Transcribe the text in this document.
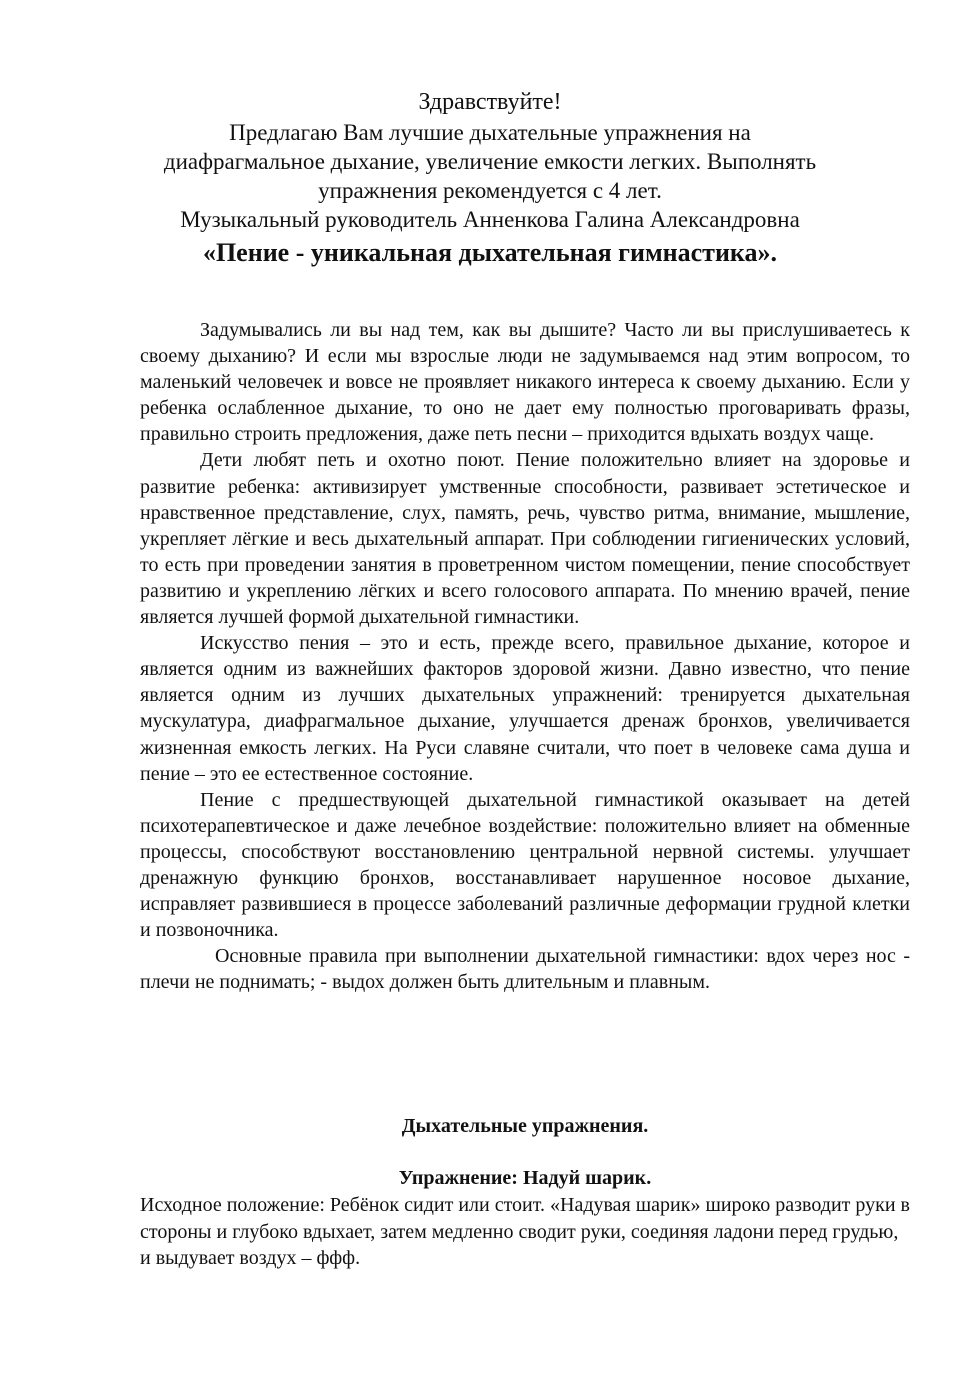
Здравствуйте!

Предлагаю Вам лучшие дыхательные упражнения на

диафрагмальное дыхание, увеличение емкости легких. Выполнять

упражнения рекомендуется с 4 лет.

Музыкальный руководитель Анненкова Галина Александровна

«Пение - уникальная дыхательная гимнастика».

Задумывались ли вы над тем, как вы дышите? Часто ли вы прислушиваетесь к своему дыханию? И если мы взрослые люди не задумываемся над этим вопросом, то маленький человечек и вовсе не проявляет никакого интереса к своему дыханию. Если у ребенка ослабленное дыхание, то оно не дает ему полностью проговаривать фразы, правильно строить предложения, даже петь песни – приходится вдыхать воздух чаще.

Дети любят петь и охотно поют. Пение положительно влияет на здоровье и развитие ребенка: активизирует умственные способности, развивает эстетическое и нравственное представление, слух, память, речь, чувство ритма, внимание, мышление, укрепляет лёгкие и весь дыхательный аппарат. При соблюдении гигиенических условий, то есть при проведении занятия в проветренном чистом помещении, пение способствует развитию и укреплению лёгких и всего голосового аппарата. По мнению врачей, пение является лучшей формой дыхательной гимнастики.

Искусство пения – это и есть, прежде всего, правильное дыхание, которое и является одним из важнейших факторов здоровой жизни. Давно известно, что пение является одним из лучших дыхательных упражнений: тренируется дыхательная мускулатура, диафрагмальное дыхание, улучшается дренаж бронхов, увеличивается жизненная емкость легких. На Руси славяне считали, что поет в человеке сама душа и пение – это ее естественное состояние.

Пение с предшествующей дыхательной гимнастикой оказывает на детей психотерапевтическое и даже лечебное воздействие: положительно влияет на обменные процессы, способствуют восстановлению центральной нервной системы. улучшает дренажную функцию бронхов, восстанавливает нарушенное носовое дыхание, исправляет развившиеся в процессе заболеваний различные деформации грудной клетки и позвоночника.

Основные правила при выполнении дыхательной гимнастики: вдох через нос - плечи не поднимать; - выдох должен быть длительным и плавным.

Дыхательные упражнения.

Упражнение: Надуй шарик.

Исходное положение: Ребёнок сидит или стоит. «Надувая шарик» широко разводит руки в стороны и глубоко вдыхает, затем медленно сводит руки, соединяя ладони перед грудью, и выдувает воздух – ффф.
